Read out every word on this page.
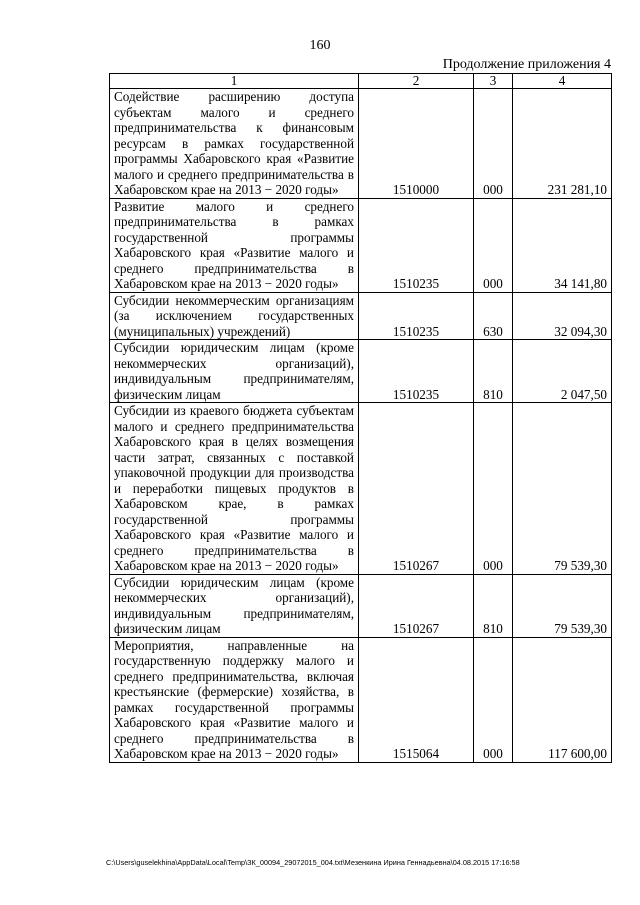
160
Продолжение приложения 4
1	2	3	4
Содействие расширению доступа субъектам малого и среднего предпринимательства к финансовым ресурсам в рамках государственной программы Хабаровского края «Развитие малого и среднего предпринимательства в Хабаровском крае на 2013 − 2020 годы»	1510000	000	231 281,10
Развитие малого и среднего предпринимательства в рамках государственной программы Хабаровского края «Развитие малого и среднего предпринимательства в Хабаровском крае на 2013 − 2020 годы»	1510235	000	34 141,80
Субсидии некоммерческим организациям (за исключением государственных (муниципальных) учреждений)	1510235	630	32 094,30
Субсидии юридическим лицам (кроме некоммерческих организаций), индивидуальным предпринимателям, физическим лицам	1510235	810	2 047,50
Субсидии из краевого бюджета субъектам малого и среднего предпринимательства Хабаровского края в целях возмещения части затрат, связанных с поставкой упаковочной продукции для производства и переработки пищевых продуктов в Хабаровском крае, в рамках государственной программы Хабаровского края «Развитие малого и среднего предпринимательства в Хабаровском крае на 2013 − 2020 годы»	1510267	000	79 539,30
Субсидии юридическим лицам (кроме некоммерческих организаций), индивидуальным предпринимателям, физическим лицам	1510267	810	79 539,30
Мероприятия, направленные на государственную поддержку малого и среднего предпринимательства, включая крестьянские (фермерские) хозяйства, в рамках государственной программы Хабаровского края «Развитие малого и среднего предпринимательства в Хабаровском крае на 2013 − 2020 годы»	1515064	000	117 600,00
C:\Users\guselekhina\AppData\Local\Temp\ЗК_00094_29072015_004.txt\Мезенкина Ирина Геннадьевна\04.08.2015 17:16:58
